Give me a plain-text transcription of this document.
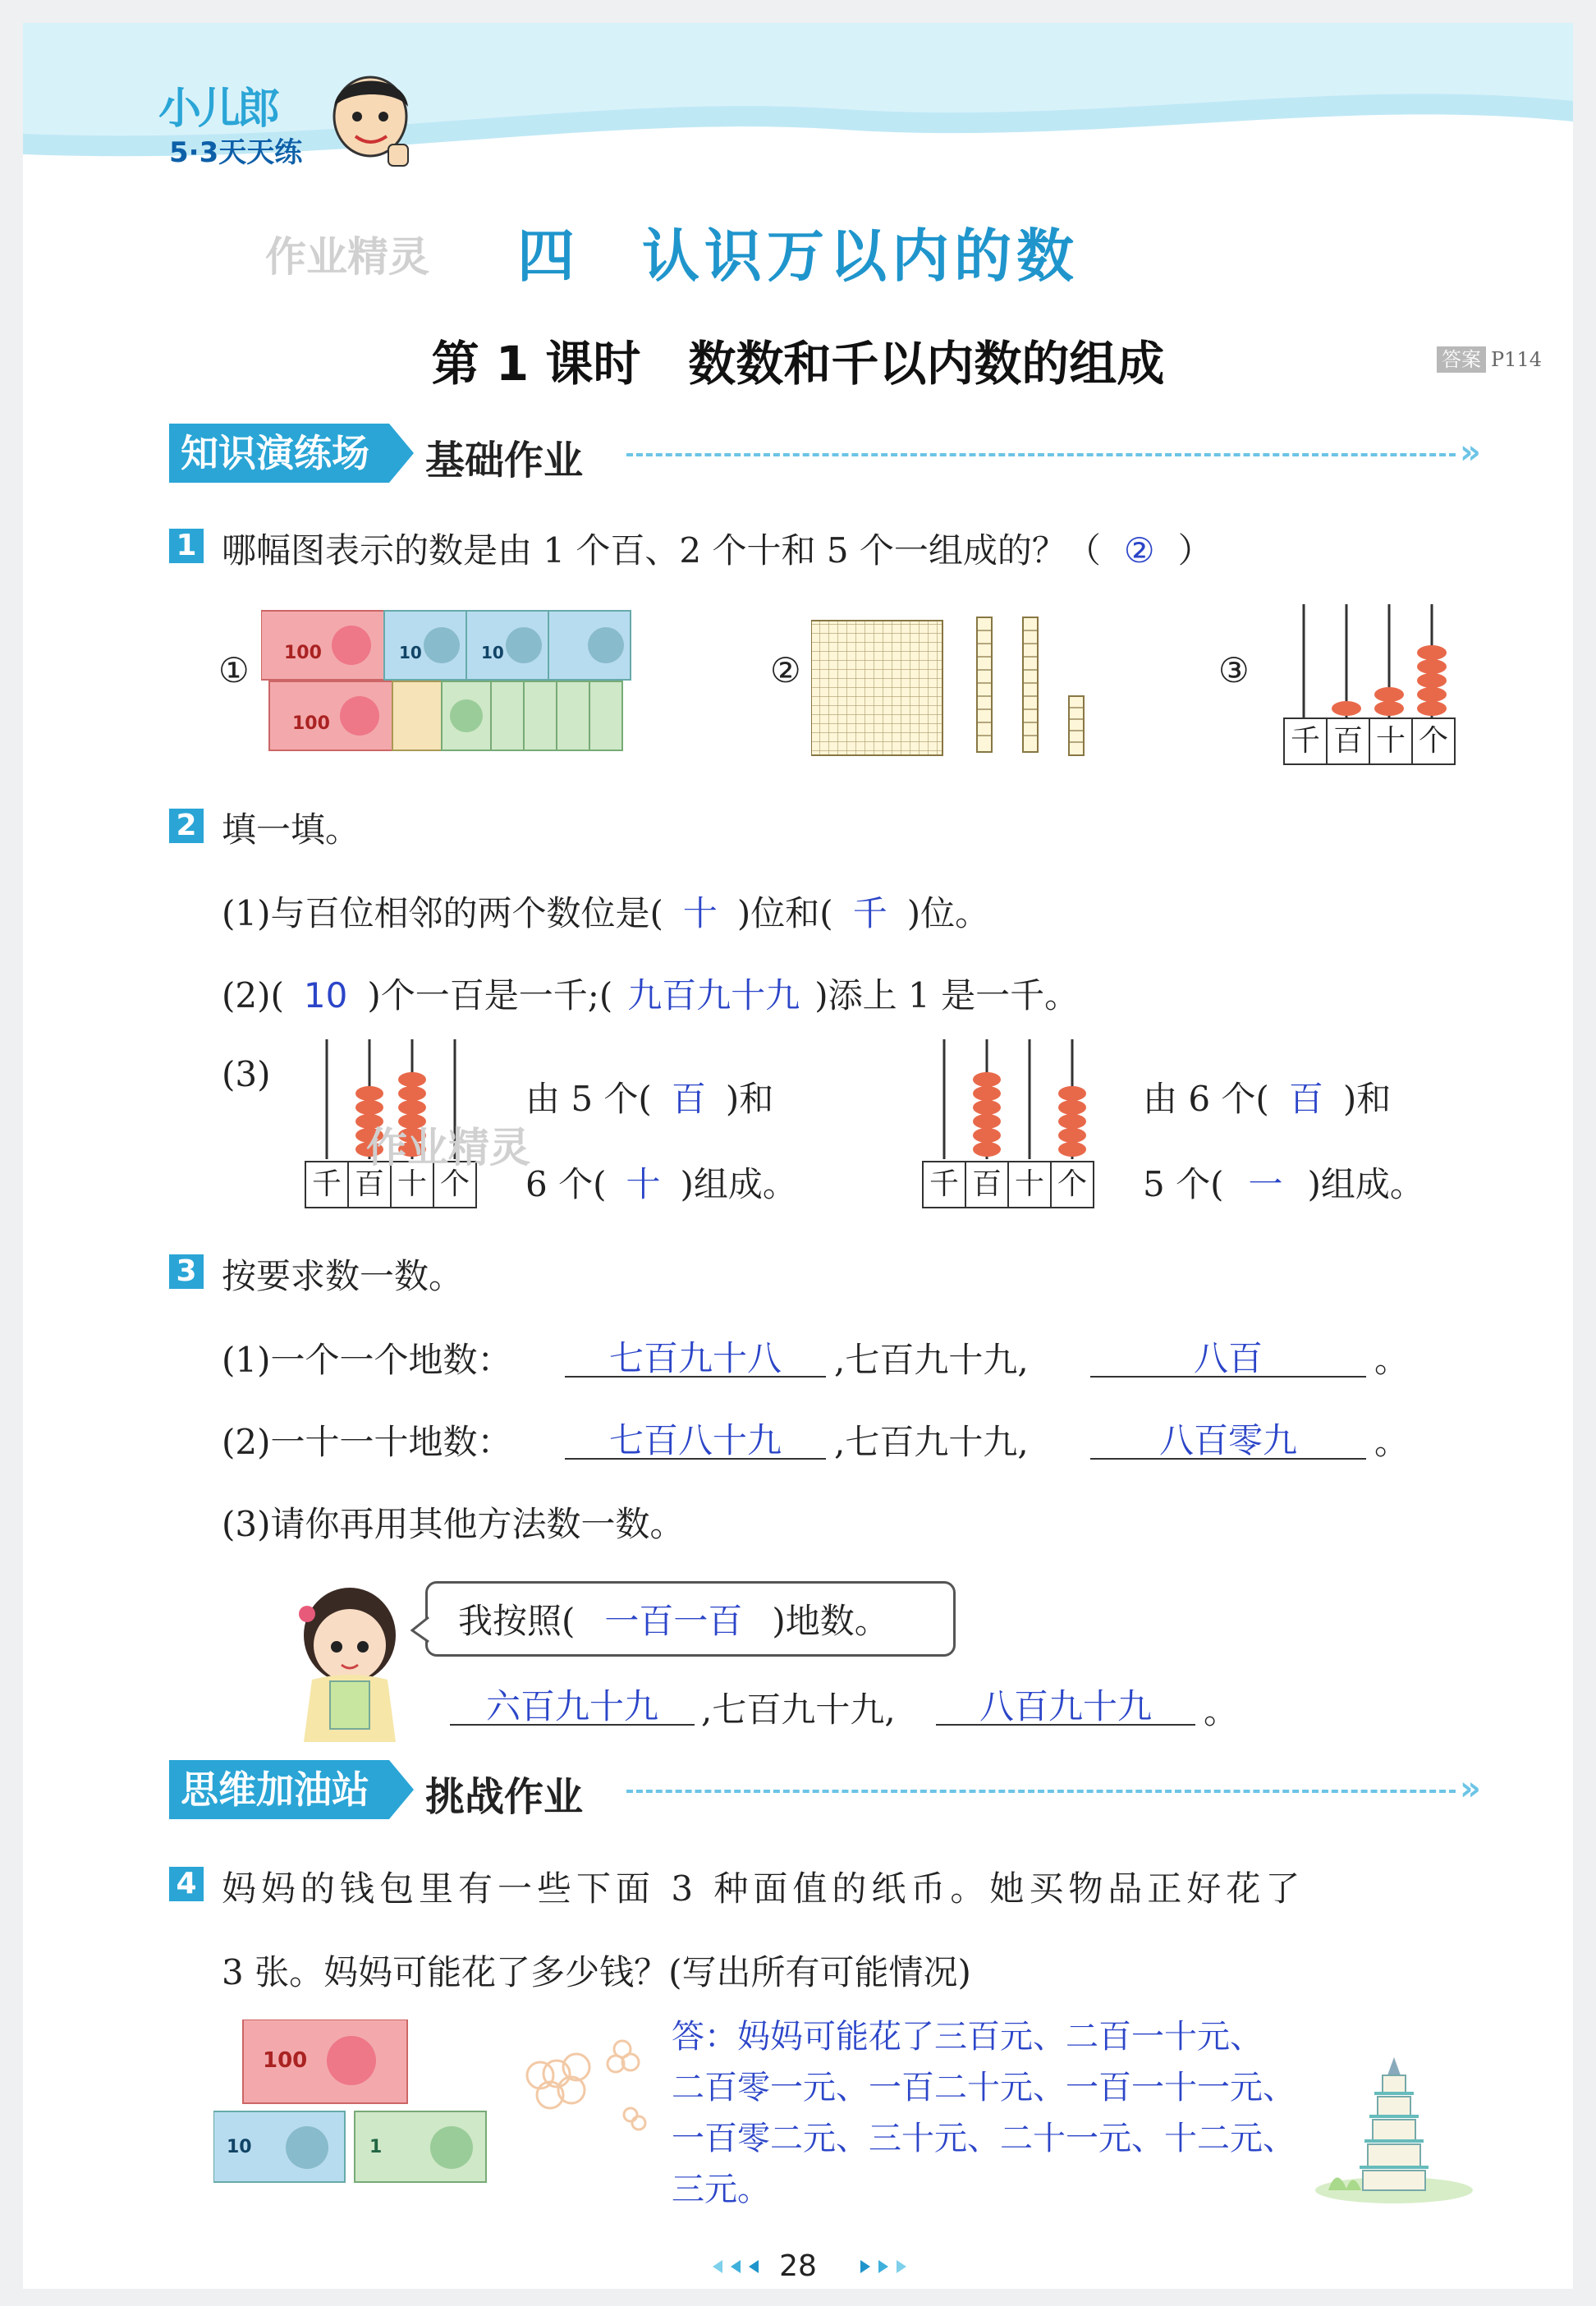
小儿郎
5·3天天练
作业精灵	四　认识万以内的数
第 1 课时　数数和千以内数的组成	答案 P114
知识演练场	基础作业	»
1 哪幅图表示的数是由 1 个百、2 个十和 5 个一组成的？（ ② ）
① 100	10	10
100
②	③
千 百 十 个
2 填一填。
(1)与百位相邻的两个数位是( 十 )位和( 千 )位。
(2)( 10 )个一百是一千;( 九百九十九 )添上 1 是一千。
(3)
千 百 十 个
作业精灵
由 5 个( 百 )和
6 个( 十 )组成。	千 百 十 个
由 6 个( 百 )和
5 个( 一 )组成。
3 按要求数一数。
(1)一个一个地数：	七百九十八	,七百九十九,	八百	。
(2)一十一十地数：	七百八十九	,七百九十九,	八百零九	。
(3)请你再用其他方法数一数。
我按照( 一百一百 )地数。
六百九十九	,七百九十九,	八百九十九	。
思维加油站	挑战作业	»
4 妈妈的钱包里有一些下面 3 种面值的纸币。她买物品正好花了
3 张。妈妈可能花了多少钱？(写出所有可能情况)
100
10	1
答：妈妈可能花了三百元、二百一十元、
二百零一元、一百二十元、一百一十一元、
一百零二元、三十元、二十一元、十二元、
三元。
28
